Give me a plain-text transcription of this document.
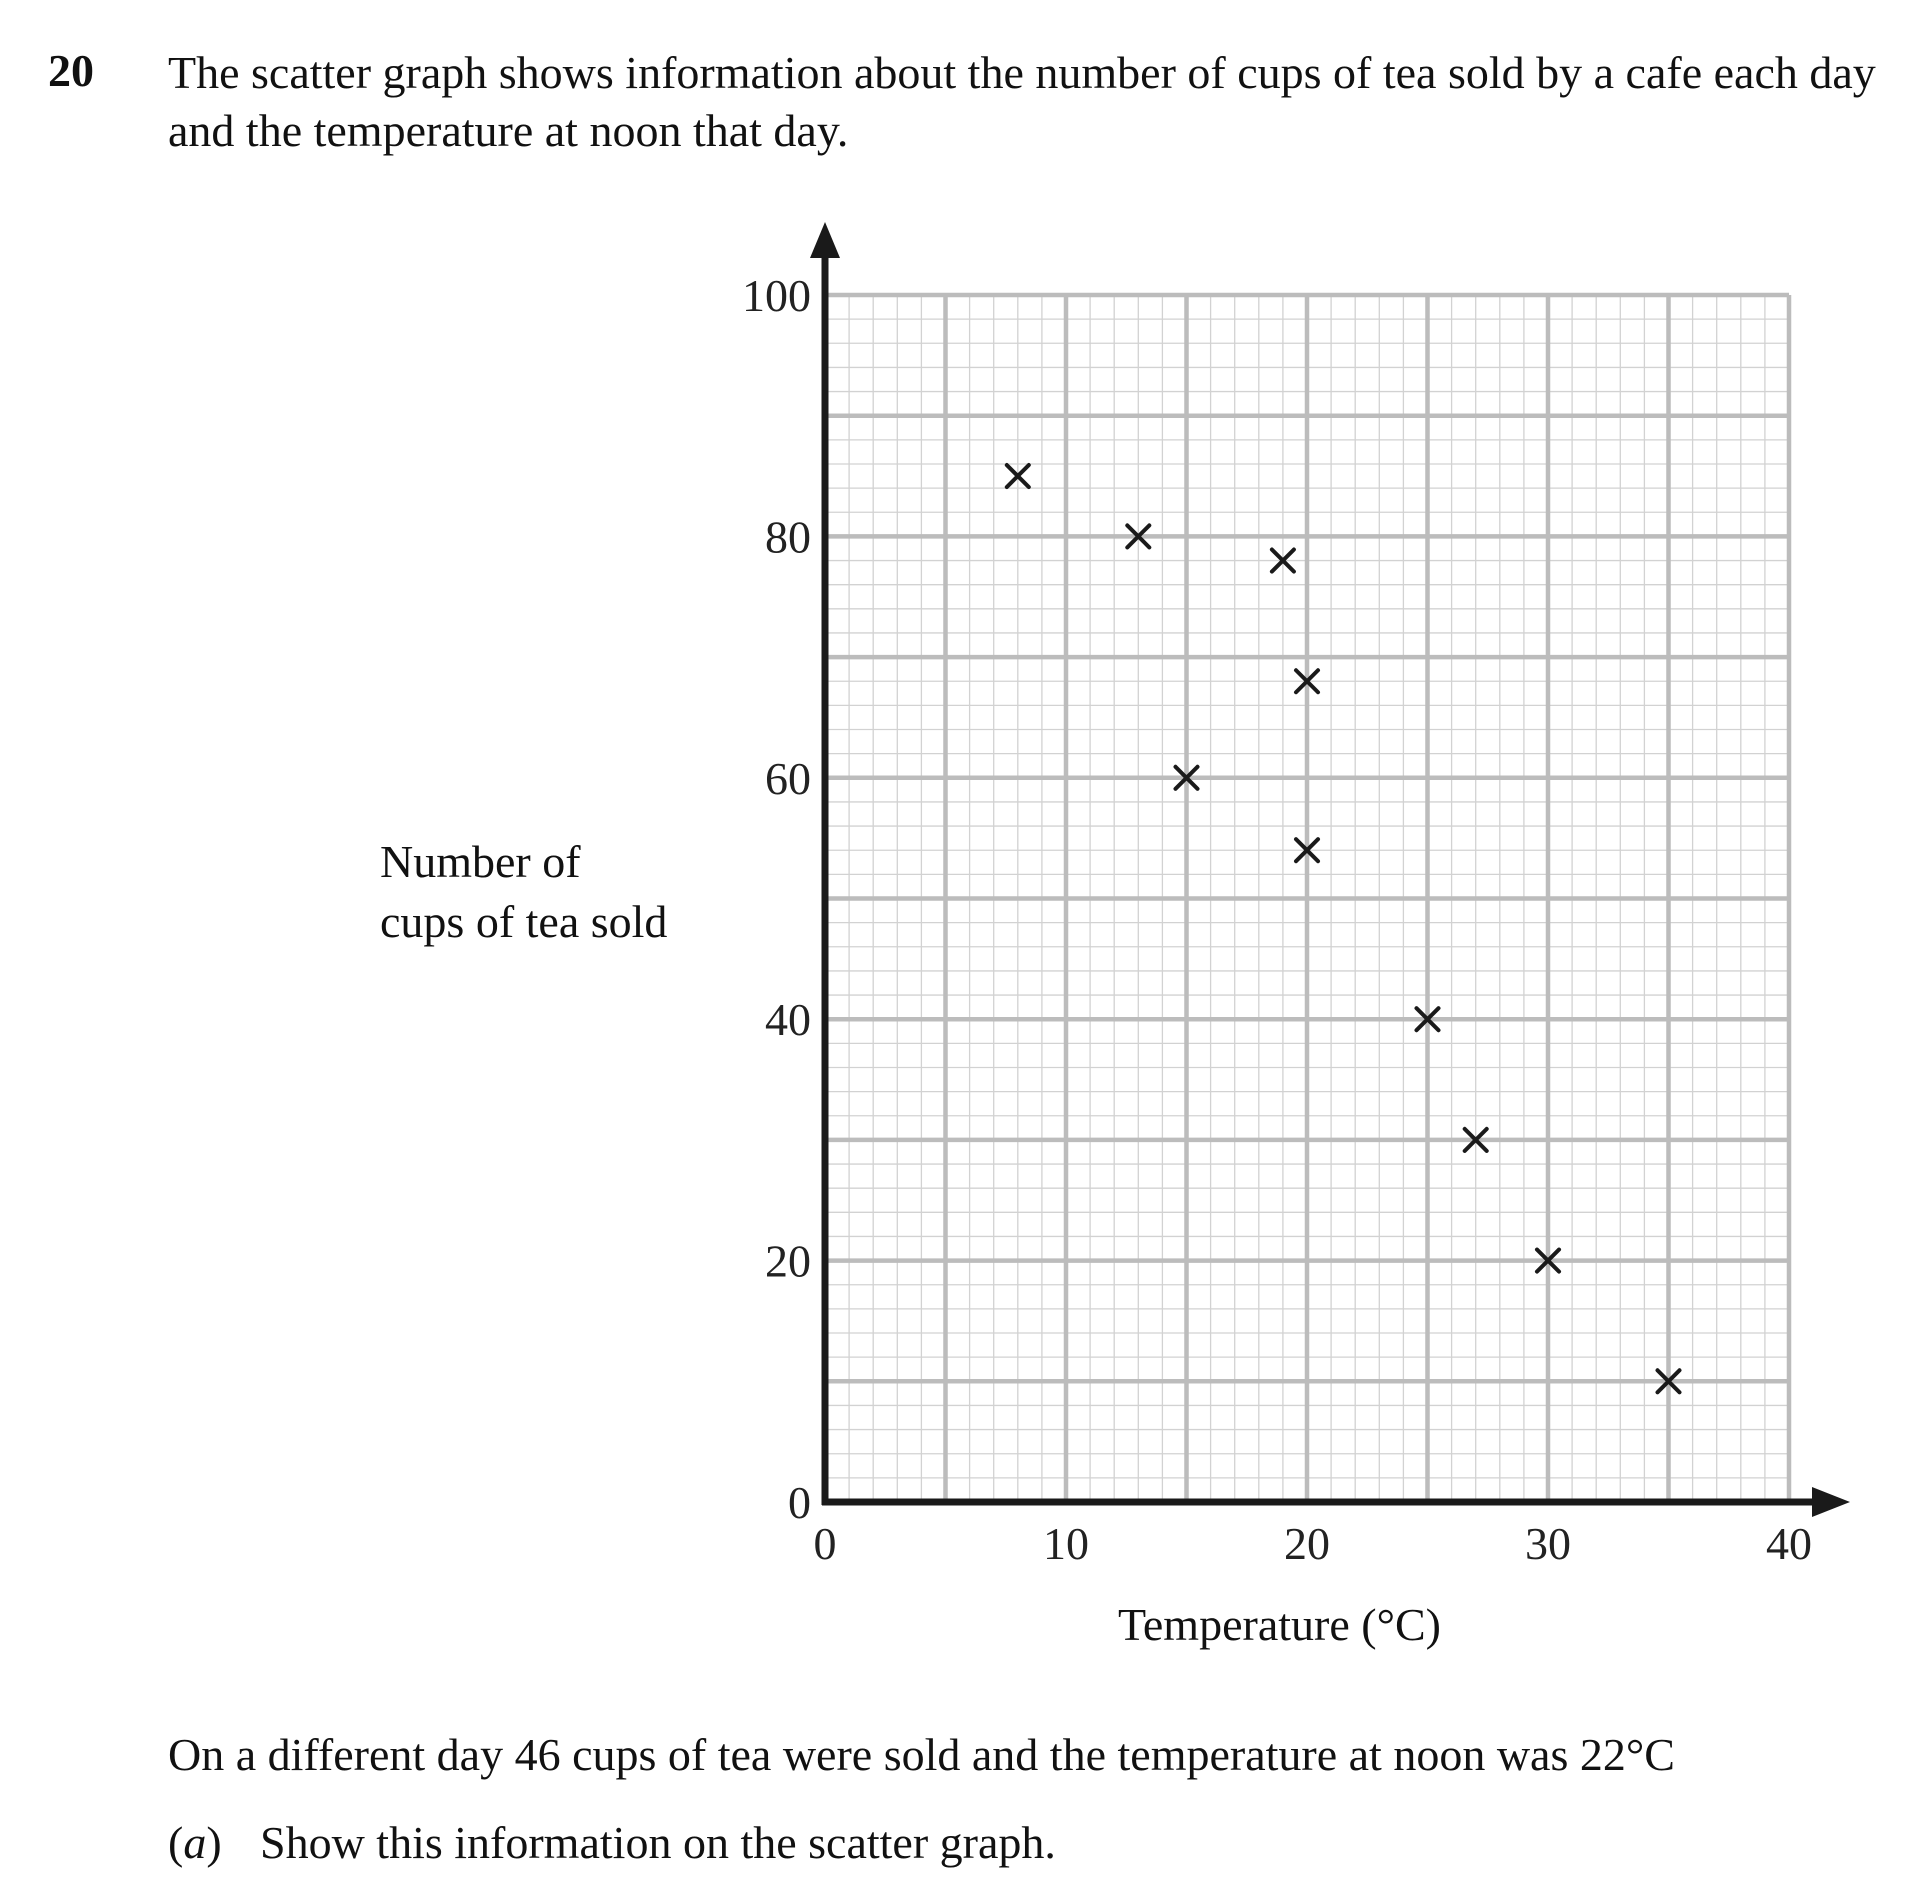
20 The scatter graph shows information about the number of cups of tea sold by a cafe each day and the temperature at noon that day.
0
20
40
60
80
100
0	10	20	30	40
Number of
cups of tea sold
Temperature (°C)
On a different day 46 cups of tea were sold and the temperature at noon was 22°C
(a) Show this information on the scatter graph.
